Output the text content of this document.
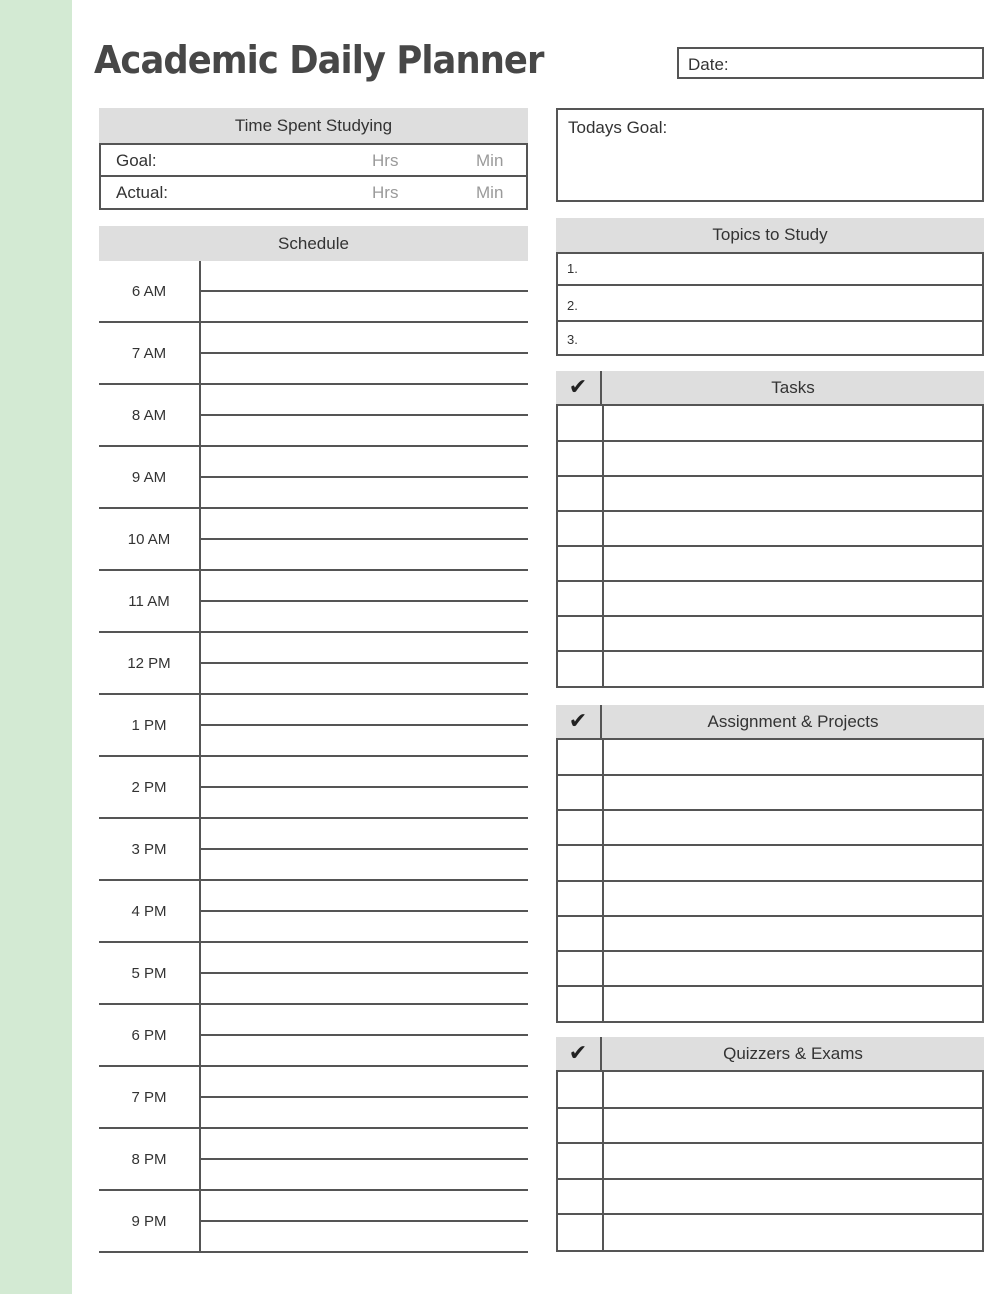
Academic Daily Planner	Date:
Time Spent Studying
Goal:	Hrs	Min
Actual:	Hrs	Min
Schedule
6 AM
7 AM
8 AM
9 AM
10 AM
11 AM
12 PM
1 PM
2 PM
3 PM
4 PM
5 PM
6 PM
7 PM
8 PM
9 PM
Todays Goal:
Topics to Study
1.
2.
3.
✔	Tasks
✔	Assignment & Projects
✔	Quizzers & Exams
